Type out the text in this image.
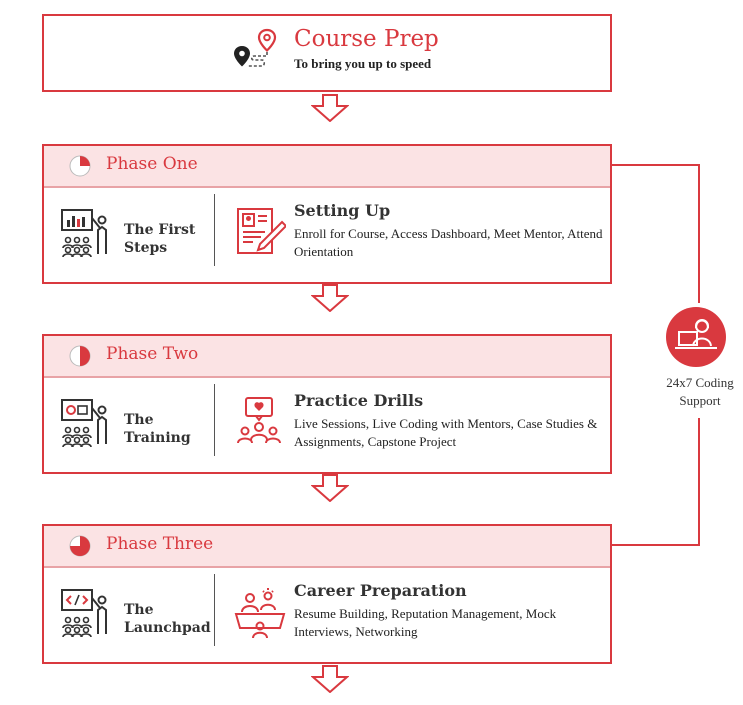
Course Prep
To bring you up to speed
Phase One
The First Steps
Setting Up
Enroll for Course, Access Dashboard, Meet Mentor, Attend Orientation
Phase Two
The Training
Practice Drills
Live Sessions, Live Coding with Mentors, Case Studies & Assignments, Capstone Project
Phase Three
The Launchpad
Career Preparation
Resume Building, Reputation Management, Mock Interviews, Networking
24x7 Coding Support
